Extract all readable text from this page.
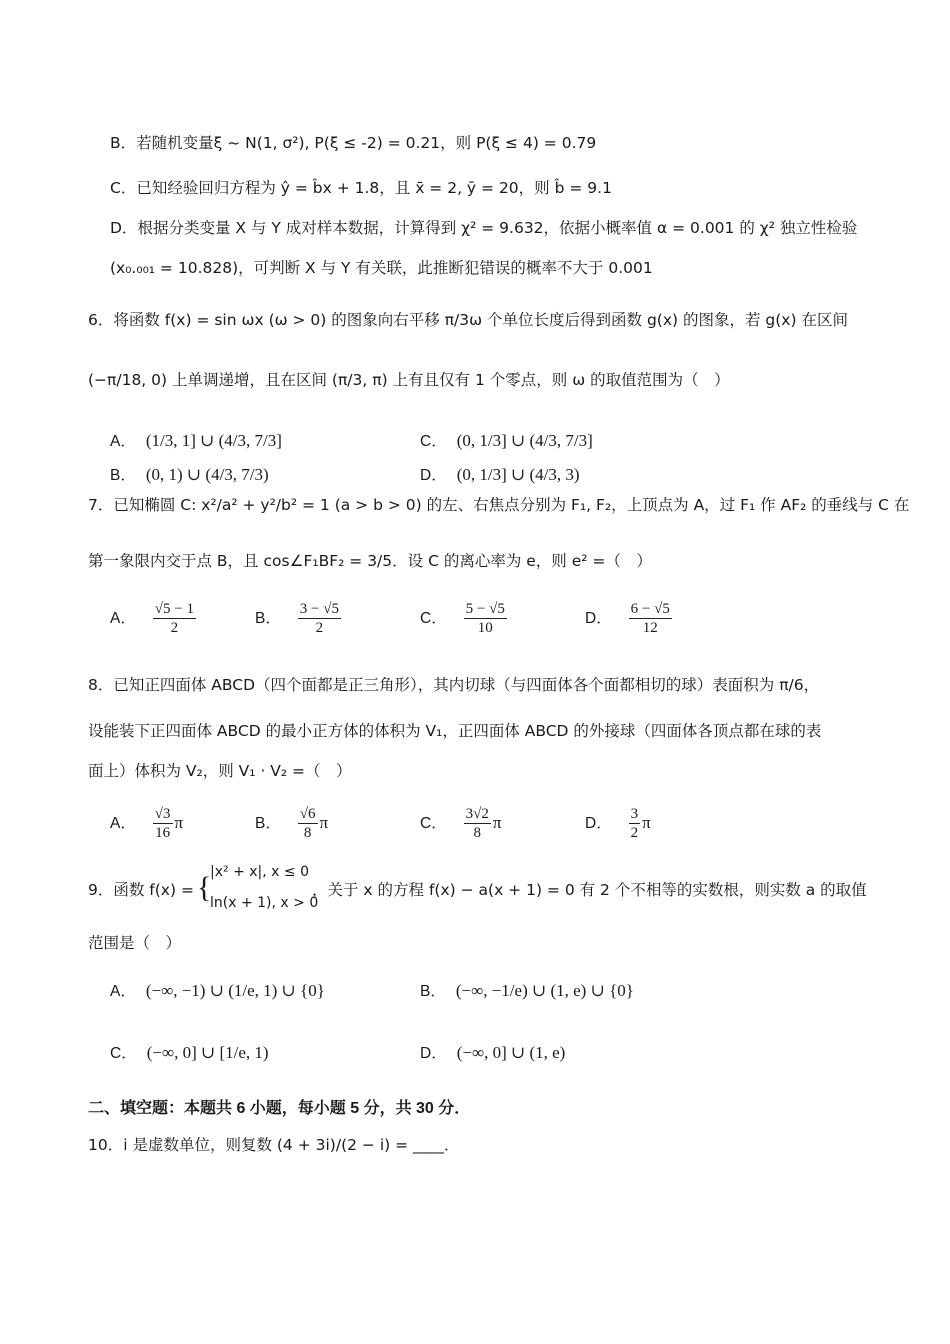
B．若随机变量ξ ~ N(1, σ²), P(ξ ≤ -2) = 0.21，则 P(ξ ≤ 4) = 0.79
C．已知经验回归方程为 ŷ = b̂x + 1.8，且 x̄ = 2, ȳ = 20，则 b̂ = 9.1
D．根据分类变量 X 与 Y 成对样本数据，计算得到 χ² = 9.632，依据小概率值 α = 0.001 的 χ² 独立性检验
(x₀.₀₀₁ = 10.828)，可判断 X 与 Y 有关联，此推断犯错误的概率不大于 0.001
6．将函数 f(x) = sin ωx (ω > 0) 的图象向右平移 π/3ω 个单位长度后得到函数 g(x) 的图象，若 g(x) 在区间
(−π/18, 0) 上单调递增，且在区间 (π/3, π) 上有且仅有 1 个零点，则 ω 的取值范围为（　）
A． (1/3, 1] ∪ (4/3, 7/3]
B． (0, 1) ∪ (4/3, 7/3)
C． (0, 1/3] ∪ (4/3, 7/3]
D． (0, 1/3] ∪ (4/3, 3)
7．已知椭圆 C: x²/a² + y²/b² = 1 (a > b > 0) 的左、右焦点分别为 F₁, F₂，上顶点为 A，过 F₁ 作 AF₂ 的垂线与 C 在
第一象限内交于点 B，且 cos∠F₁BF₂ = 3/5．设 C 的离心率为 e，则 e² =（　）
A． $\frac{√5 - 1}{2}$	B． $\frac{3 - √5}{2}$	C． $\frac{5 - √5}{10}$	D． $\frac{6 - √5}{12}$
8．已知正四面体 ABCD（四个面都是正三角形），其内切球（与四面体各个面都相切的球）表面积为 π/6，
设能装下正四面体 ABCD 的最小正方体的体积为 V₁，正四面体 ABCD 的外接球（四面体各顶点都在球的表
面上）体积为 V₂，则 V₁ · V₂ =（　）
A． $\frac{√3}{16}$ π	B． $\frac{√6}{8}$ π	C． $\frac{3√2}{8}$ π	D． $\frac{3}{2}$ π
9．函数 f(x) = {
|x² + x|, x ≤ 0
ln(x + 1), x > 0
，关于 x 的方程 f(x) − a(x + 1) = 0 有 2 个不相等的实数根，则实数 a 的取值
范围是（　）
A． (−∞, −1) ∪ (1/e, 1) ∪ {0}	B． (−∞, −1/e) ∪ (1, e) ∪ {0}
C． (−∞, 0] ∪ [1/e, 1)	D． (−∞, 0] ∪ (1, e)
二、填空题：本题共 6 小题，每小题 5 分，共 30 分．
10．i 是虚数单位，则复数 (4 + 3i)/(2 − i) = ____．
